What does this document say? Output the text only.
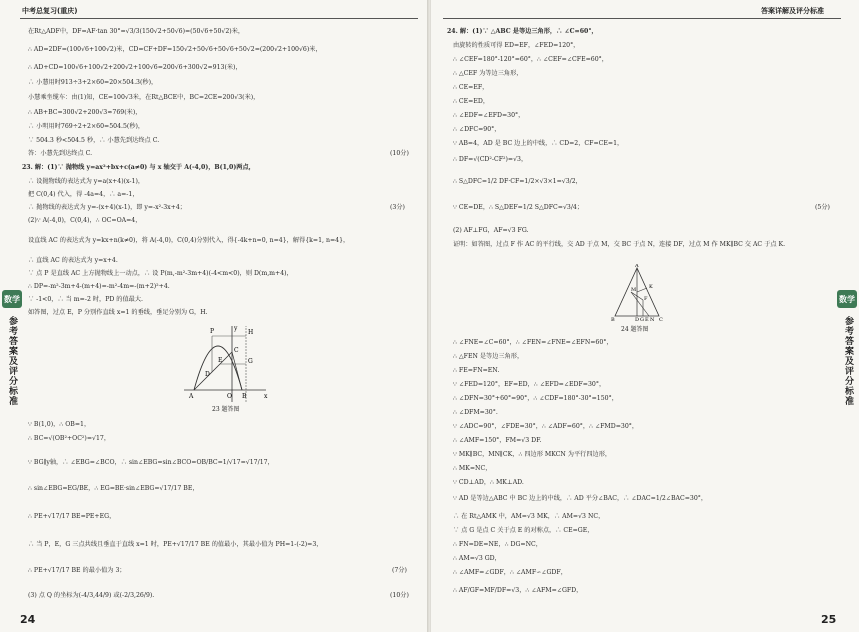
中考总复习(重庆)
在Rt△ADF中，DF=AF·tan 30°=√3/3(150√2+50√6)=(50√6+50√2)米，
∴ AD=2DF=(100√6+100√2)米，CD=CF+DF=150√2+50√6+50√6+50√2=(200√2+100√6)米，
∴ AD+CD=100√6+100√2+200√2+100√6=200√6+300√2≈913(米)，
∴ 小慧用时913÷3+2×60=20×504.3(秒)，
小慧乘坐缆车：由(1)知，CE=100√3米，在Rt△BCE中，BC=2CE=200√3(米)，
∴ AB+BC=300√2+200√3≈769(米)，
∴ 小明用时769÷2+2×60=504.5(秒)，
∵ 504.3 秒<504.5 秒，∴ 小慧先到达终点 C.
答：小慧先到达终点 C.	(10分)
23. 解：(1)∵ 抛物线 y=ax²+bx+c(a≠0) 与 x 轴交于 A(-4,0)，B(1,0)两点，
∴ 设抛物线的表达式为 y=a(x+4)(x-1)，
把 C(0,4) 代入，得 -4a=4，∴ a=-1，
∴ 抛物线的表达式为 y=-(x+4)(x-1)，即 y=-x²-3x+4；	(3分)
(2)∵ A(-4,0)，C(0,4)，∴ OC=OA=4，
设直线 AC 的表达式为 y=kx+n(k≠0)，将 A(-4,0)，C(0,4)分别代入，得{-4k+n=0, n=4}，解得{k=1, n=4}，
∴ 直线 AC 的表达式为 y=x+4.
∵ 点 P 是直线 AC 上方抛物线上一动点，∴ 设 P(m,-m²-3m+4)(-4<m<0)，则 D(m,m+4)，
∴ DP=-m²-3m+4-(m+4)=-m²-4m=-(m+2)²+4.
∵ -1<0，∴ 当 m=-2 时，PD 的值最大.
如答图，过点 E，P 分别作直线 x=1 的垂线，垂足分别为 G，H.
P	H
E	G
D
A	O B	x
y
C
23 题答图
∵ B(1,0)，∴ OB=1，
∴ BC=√(OB²+OC²)=√17，
∵ BG∥y轴，∴ ∠EBG=∠BCO，∴ sin∠EBG=sin∠BCO=OB/BC=1/√17=√17/17，
∴ sin∠EBG=EG/BE，∴ EG=BE·sin∠EBG=√17/17 BE，
∴ PE+√17/17 BE=PE+EG，
∴ 当 P，E，G 三点共线且垂直于直线 x=1 时，PE+√17/17 BE 的值最小，其最小值为 PH=1-(-2)=3，
∴ PE+√17/17 BE 的最小值为 3；	(7分)
(3) 点 Q 的坐标为(-4/3,44/9) 或(-2/3,26/9).	(10分)
数学
参考答案及评分标准
24
答案详解及评分标准
24. 解：(1)∵ △ABC 是等边三角形，∴ ∠C=60°，
由旋转的性质可得 ED=EF，∠FED=120°，
∴ ∠CEF=180°-120°=60°，∴ ∠CEF=∠CFE=60°，
∴ △CEF 为等边三角形，
∴ CE=EF，
∴ CE=ED，
∴ ∠EDF=∠EFD=30°，
∴ ∠DFC=90°，
∵ AB=4，AD 是 BC 边上的中线，∴ CD=2，CF=CE=1，
∴ DF=√(CD²-CF²)=√3，
∴ S△DFC=1/2 DF·CF=1/2×√3×1=√3/2，
∵ CE=DE，∴ S△DEF=1/2 S△DFC=√3/4；	(5分)
(2) AF⊥FG，AF=√3 FG.
证明：如答图，过点 F 作 AC 的平行线，交 AD 于点 M，交 BC 于点 N，连接 DF，过点 M 作 MK∥BC 交 AC 于点 K.
A
K
M
F
B	C
D G E N
24 题答图
∴ ∠FNE=∠C=60°，∴ ∠FEN=∠FNE=∠EFN=60°，
∴ △FEN 是等边三角形，
∴ FE=FN=EN.
∵ ∠FED=120°，EF=ED，∴ ∠EFD=∠EDF=30°，
∴ ∠DFN=30°+60°=90°，∴ ∠CDF=180°-30°=150°，
∴ ∠DFM=30°.
∵ ∠ADC=90°，∠FDE=30°，∴ ∠ADF=60°，∴ ∠FMD=30°，
∴ ∠AMF=150°，FM=√3 DF.
∵ MK∥BC，MN∥CK，∴ 四边形 MKCN 为平行四边形，
∴ MK=NC，
∵ CD⊥AD，∴ MK⊥AD.
∵ AD 是等边△ABC 中 BC 边上的中线，∴ AD 平分∠BAC，∴ ∠DAC=1/2∠BAC=30°，
∴ 在 Rt△AMK 中，AM=√3 MK，∴ AM=√3 NC，
∵ 点 G 是点 C 关于点 E 的对称点，∴ CE=GE，
∴ FN=DE=NE，∴ DG=NC，
∴ AM=√3 GD，
∴ ∠AMF=∠GDF，∴ ∠AMF∽∠GDF，
∴ AF/GF=MF/DF=√3，∴ ∠AFM=∠GFD，
数学
参考答案及评分标准
25
